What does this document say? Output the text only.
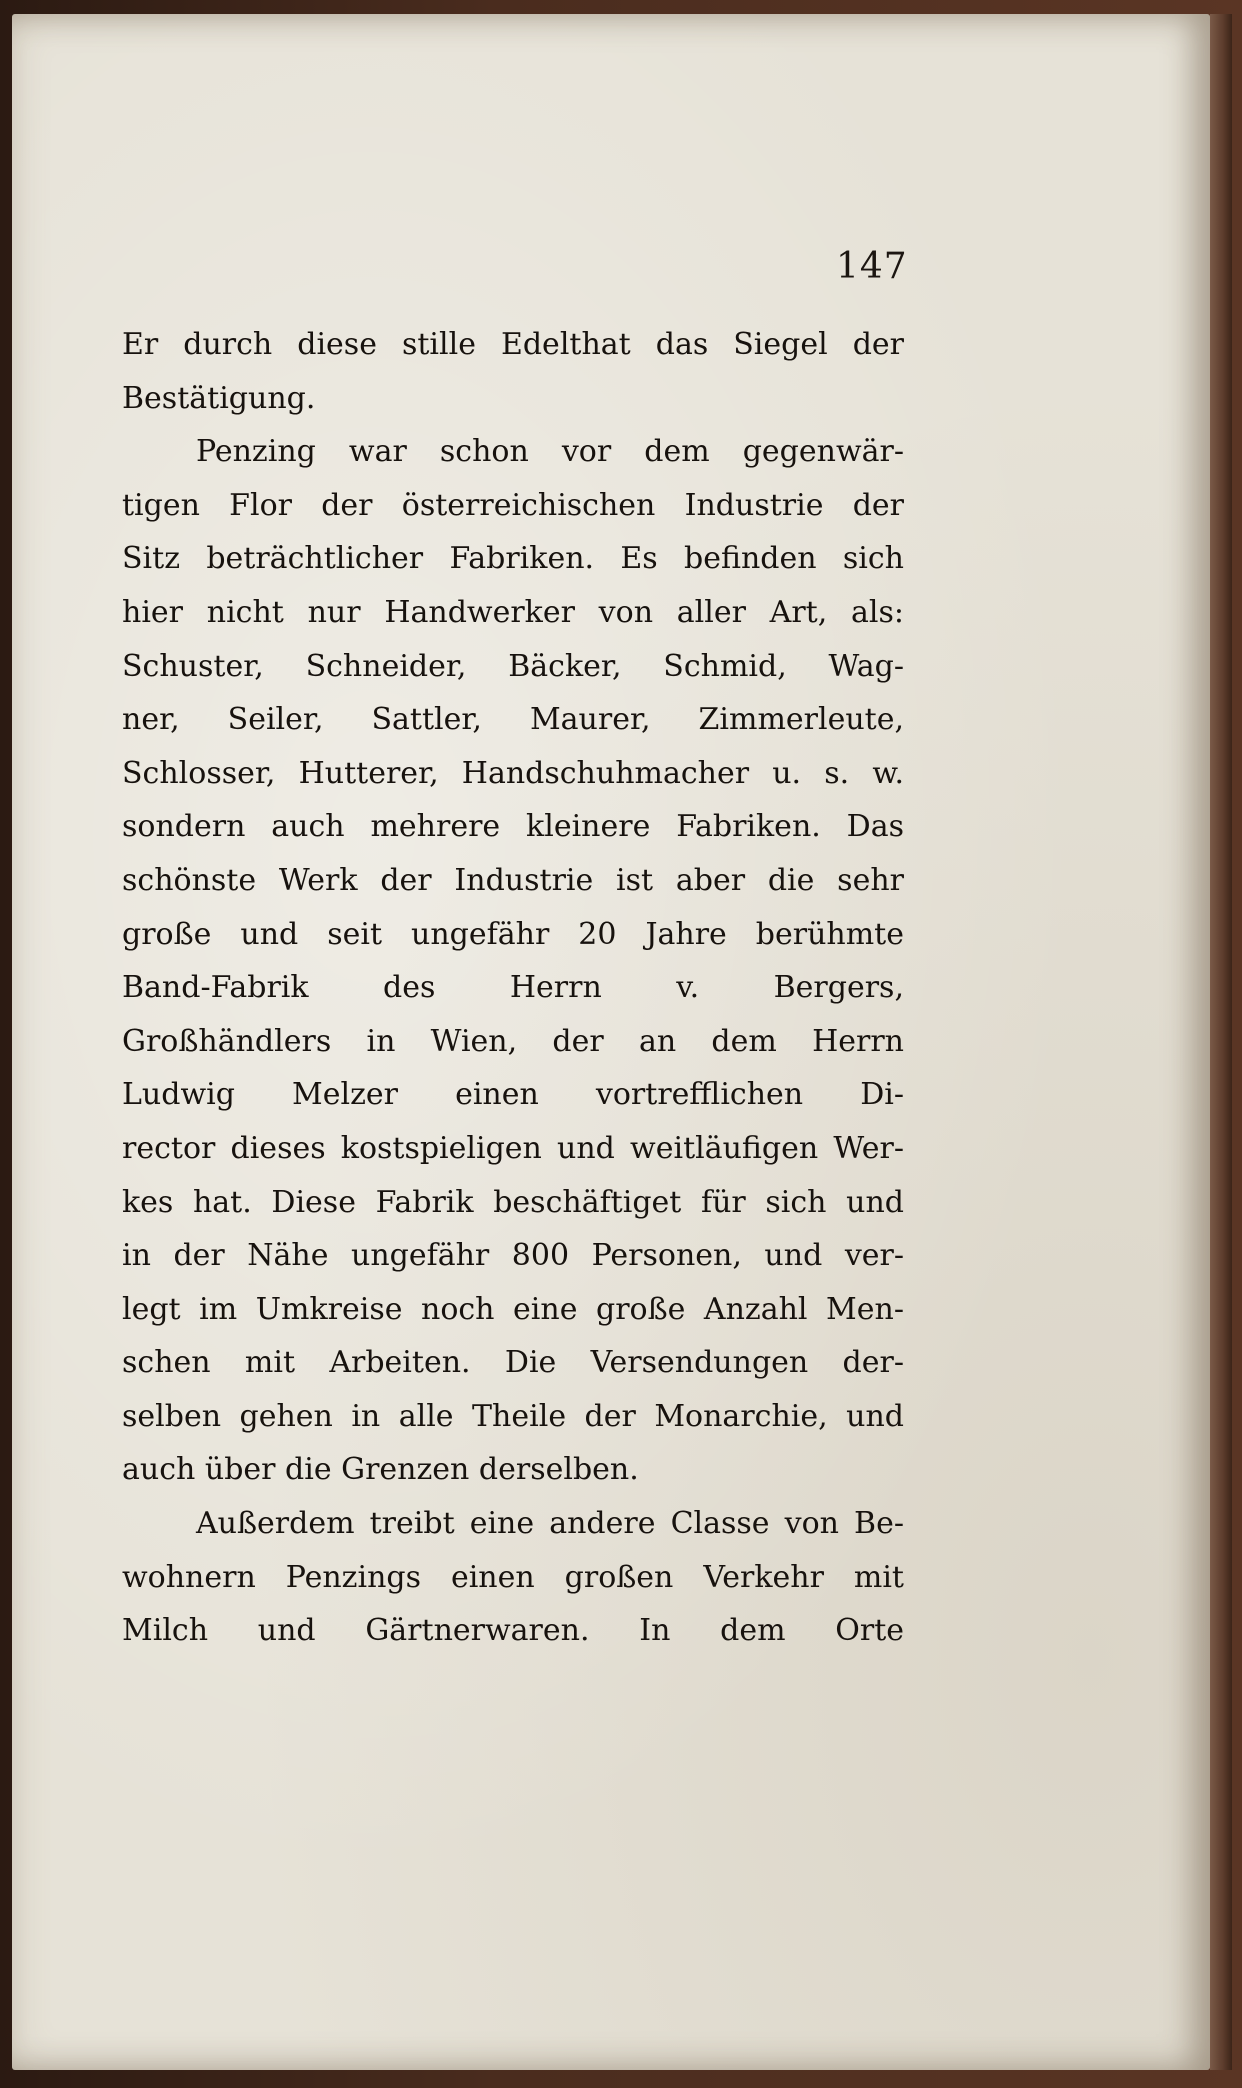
147
Er durch diese stille Edelthat das Siegel der
Bestätigung.
Penzing war schon vor dem gegenwär-
tigen Flor der österreichischen Industrie der
Sitz beträchtlicher Fabriken. Es befinden sich
hier nicht nur Handwerker von aller Art, als:
Schuster, Schneider, Bäcker, Schmid, Wag-
ner, Seiler, Sattler, Maurer, Zimmerleute,
Schlosser, Hutterer, Handschuhmacher u. s. w.
sondern auch mehrere kleinere Fabriken. Das
schönste Werk der Industrie ist aber die sehr
große und seit ungefähr 20 Jahre berühmte
Band-Fabrik des Herrn v. Bergers,
Großhändlers in Wien, der an dem Herrn
Ludwig Melzer einen vortrefflichen Di-
rector dieses kostspieligen und weitläufigen Wer-
kes hat. Diese Fabrik beschäftiget für sich und
in der Nähe ungefähr 800 Personen, und ver-
legt im Umkreise noch eine große Anzahl Men-
schen mit Arbeiten. Die Versendungen der-
selben gehen in alle Theile der Monarchie, und
auch über die Grenzen derselben.
Außerdem treibt eine andere Classe von Be-
wohnern Penzings einen großen Verkehr mit
Milch und Gärtnerwaren. In dem Orte
